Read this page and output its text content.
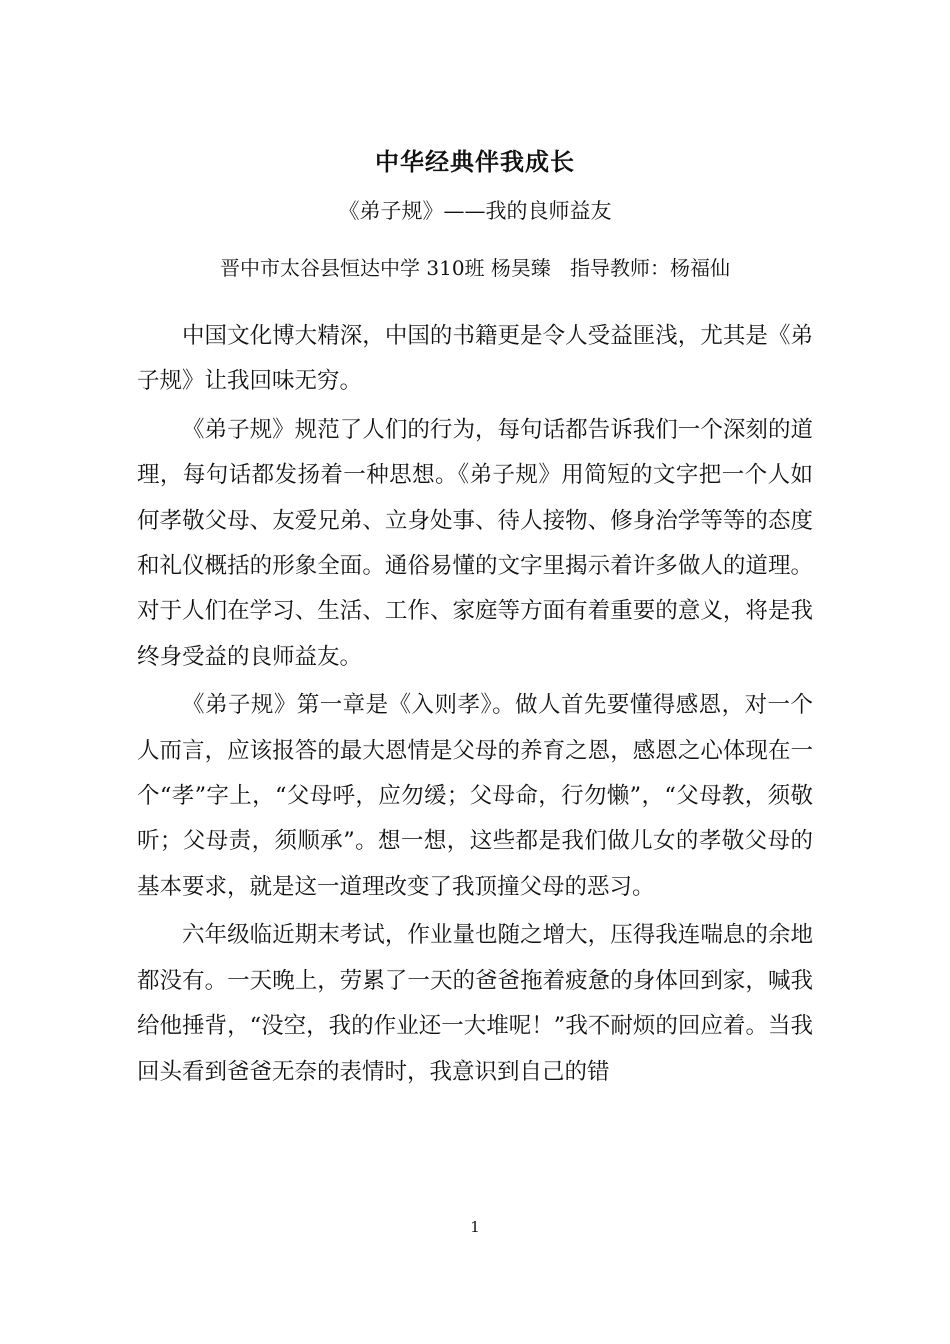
中华经典伴我成长
《弟子规》——我的良师益友
晋中市太谷县恒达中学 310班 杨昊臻   指导教师：杨福仙

中国文化博大精深，中国的书籍更是令人受益匪浅，尤其是《弟子规》让我回味无穷。

《弟子规》规范了人们的行为，每句话都告诉我们一个深刻的道理，每句话都发扬着一种思想。《弟子规》用简短的文字把一个人如何孝敬父母、友爱兄弟、立身处事、待人接物、修身治学等等的态度和礼仪概括的形象全面。通俗易懂的文字里揭示着许多做人的道理。对于人们在学习、生活、工作、家庭等方面有着重要的意义，将是我终身受益的良师益友。

《弟子规》第一章是《入则孝》。做人首先要懂得感恩，对一个人而言，应该报答的最大恩情是父母的养育之恩，感恩之心体现在一个“孝”字上，“父母呼，应勿缓；父母命，行勿懒”，“父母教，须敬听；父母责，须顺承”。想一想，这些都是我们做儿女的孝敬父母的基本要求，就是这一道理改变了我顶撞父母的恶习。

六年级临近期末考试，作业量也随之增大，压得我连喘息的余地都没有。一天晚上，劳累了一天的爸爸拖着疲惫的身体回到家，喊我给他捶背，“没空，我的作业还一大堆呢！”我不耐烦的回应着。当我回头看到爸爸无奈的表情时，我意识到自己的错

1
